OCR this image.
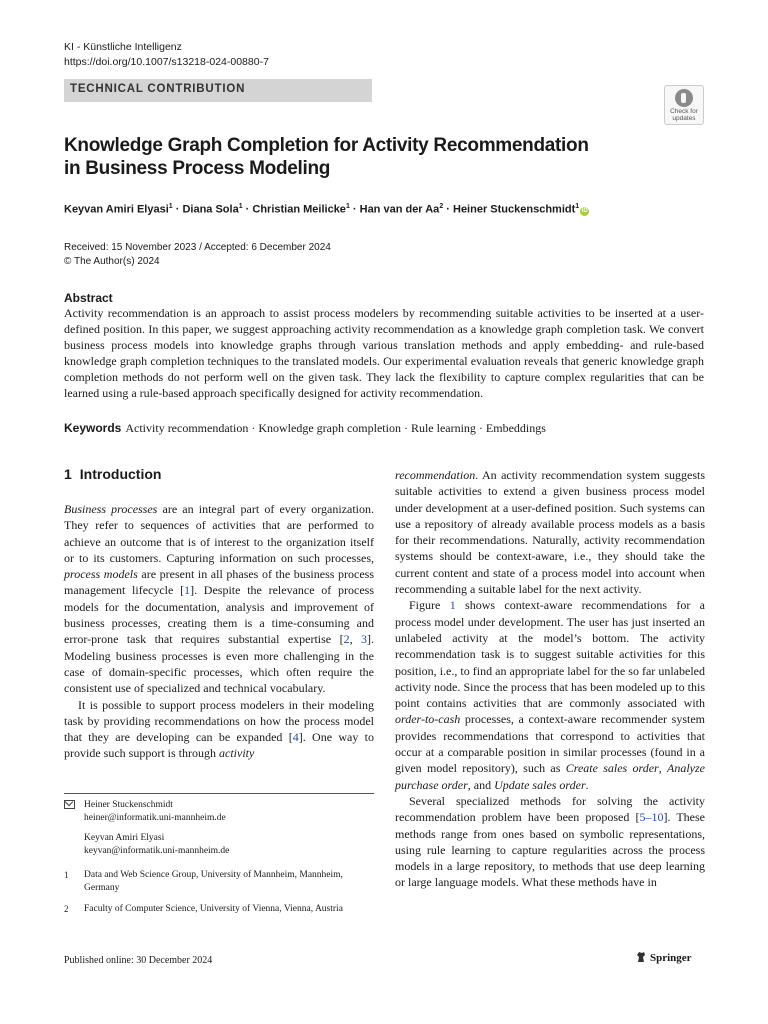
KI - Künstliche Intelligenz
https://doi.org/10.1007/s13218-024-00880-7
TECHNICAL CONTRIBUTION
Check for
updates
Knowledge Graph Completion for Activity Recommendation
in Business Process Modeling
Keyvan Amiri Elyasi$^1$ · Diana Sola$^1$ · Christian Meilicke$^1$ · Han van der $Aa^2$ · Heiner Stuckenschmidt$^1$iD
Received: 15 November 2023 / Accepted: 6 December 2024
© The Author(s) 2024
Abstract
Activity recommendation is an approach to assist process modelers by recommending suitable activities to be inserted at a user-defined position. In this paper, we suggest approaching activity recommendation as a knowledge graph completion task. We convert business process models into knowledge graphs through various translation methods and apply embedding- and rule-based knowledge graph completion techniques to the translated models. Our experimental evaluation reveals that generic knowledge graph completion methods do not perform well on the given task. They lack the flexibility to capture complex regularities that can be learned using a rule-based approach specifically designed for activity recommendation.
Keywords Activity recommendation · Knowledge graph completion · Rule learning · Embeddings
1 Introduction

Business processes are an integral part of every organization. They refer to sequences of activities that are performed to achieve an outcome that is of interest to the organization itself or to its customers. Capturing information on such processes, process models are present in all phases of the business process management lifecycle [1]. Despite the relevance of process models for the documentation, analysis and improvement of business processes, creating them is a time-consuming and error-prone task that requires substantial expertise [2, 3]. Modeling business processes is even more challenging in the case of domain-specific processes, which often require the consistent use of specialized and technical vocabulary.

It is possible to support process modelers in their modeling task by providing recommendations on how the process model that they are developing can be expanded [4]. One way to provide such support is through activity

Heiner Stuckenschmidt
heiner@informatik.uni-mannheim.de
Keyvan Amiri Elyasi
keyvan@informatik.uni-mannheim.de
1 Data and Web Science Group, University of Mannheim, Mannheim, Germany
2 Faculty of Computer Science, University of Vienna, Vienna, Austria

recommendation. An activity recommendation system suggests suitable activities to extend a given business process model under development at a user-defined position. Such systems can use a repository of already available process models as a basis for their recommendations. Naturally, activity recommendation systems should be context-aware, i.e., they should take the current content and state of a process model into account when recommending a suitable label for the next activity.

Figure 1 shows context-aware recommendations for a process model under development. The user has just inserted an unlabeled activity at the model’s bottom. The activity recommendation task is to suggest suitable activities for this position, i.e., to find an appropriate label for the so far unlabeled activity node. Since the process that has been modeled up to this point contains activities that are commonly associated with order-to-cash processes, a context-aware recommender system provides recommendations that correspond to activities that occur at a comparable position in similar processes (found in a given model repository), such as Create sales order, Analyze purchase order, and Update sales order.

Several specialized methods for solving the activity recommendation problem have been proposed [5–10]. These methods range from ones based on symbolic representations, using rule learning to capture regularities across the process models in a large repository, to methods that use deep learning or large language models. What these methods have in

Published online: 30 December 2024	Springer
